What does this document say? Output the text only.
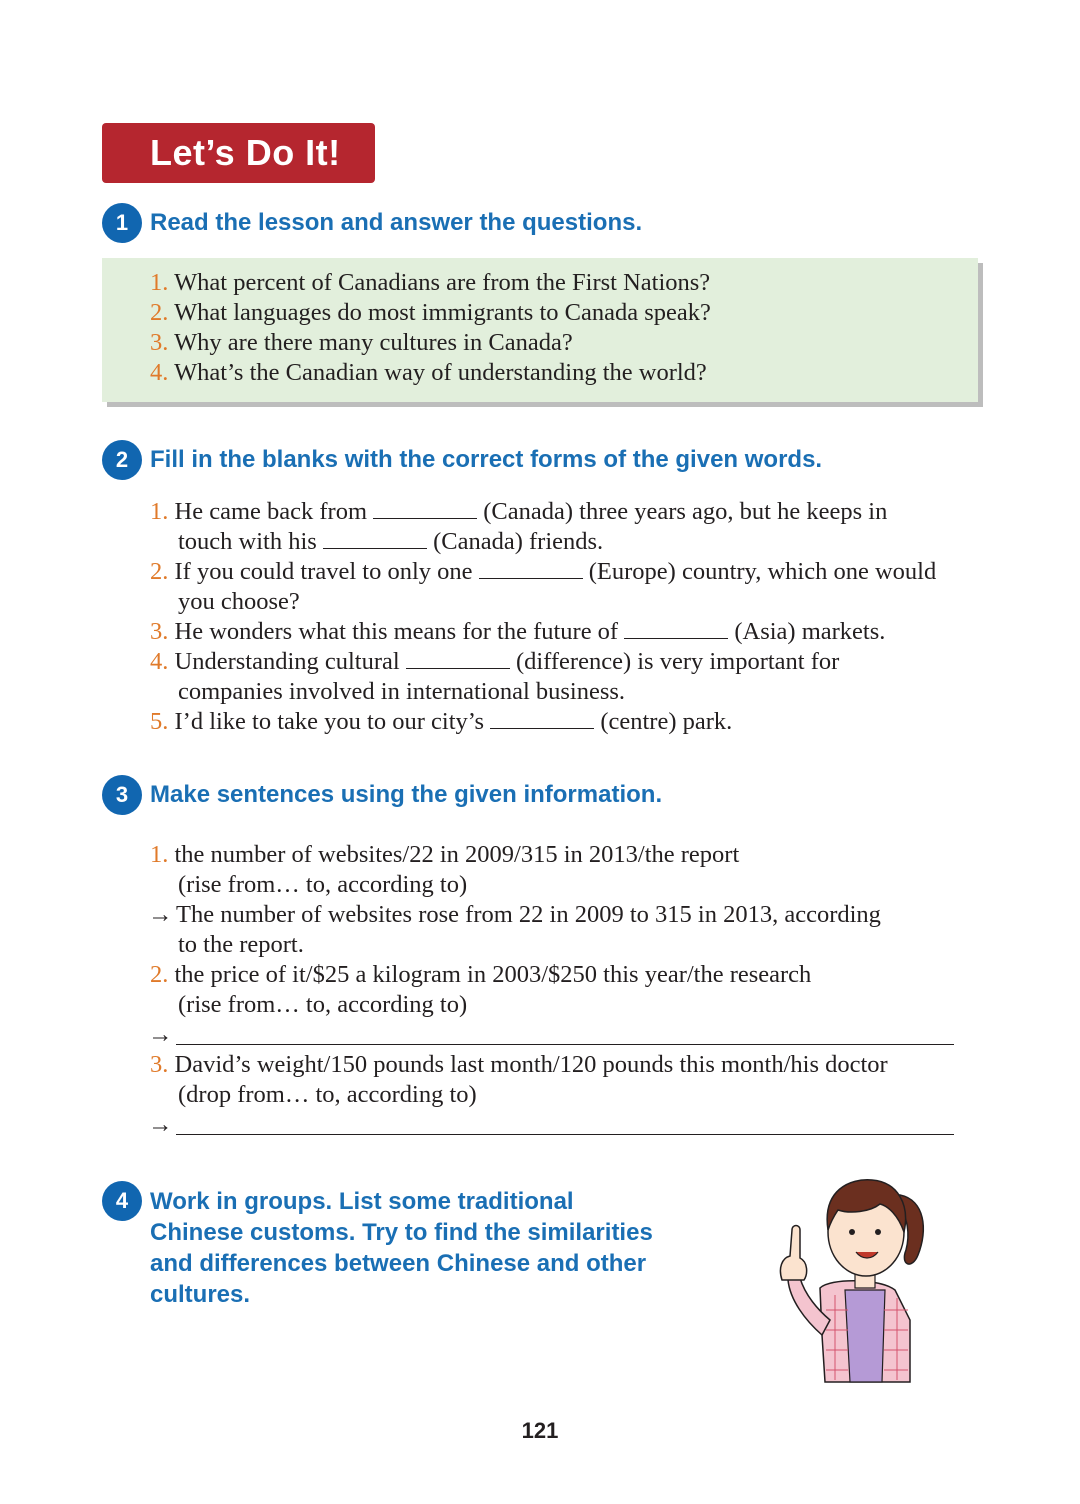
Let’s Do It!
1 Read the lesson and answer the questions.
1. What percent of Canadians are from the First Nations?
2. What languages do most immigrants to Canada speak?
3. Why are there many cultures in Canada?
4. What’s the Canadian way of understanding the world?
2 Fill in the blanks with the correct forms of the given words.
1. He came back from	(Canada) three years ago, but he keeps in
touch with his	(Canada) friends.
2. If you could travel to only one	(Europe) country, which one would
you choose?
3. He wonders what this means for the future of	(Asia) markets.
4. Understanding cultural	(difference) is very important for
companies involved in international business.
5. I’d like to take you to our city’s	(centre) park.
3 Make sentences using the given information.
1. the number of websites/22 in 2009/315 in 2013/the report
(rise from… to, according to)
→ The number of websites rose from 22 in 2009 to 315 in 2013, according
to the report.
2. the price of it/$25 a kilogram in 2003/$250 this year/the research
(rise from… to, according to)
→
3. David’s weight/150 pounds last month/120 pounds this month/his doctor
(drop from… to, according to)
→
4 Work in groups. List some traditional
Chinese customs. Try to find the similarities
and differences between Chinese and other
cultures.
121
